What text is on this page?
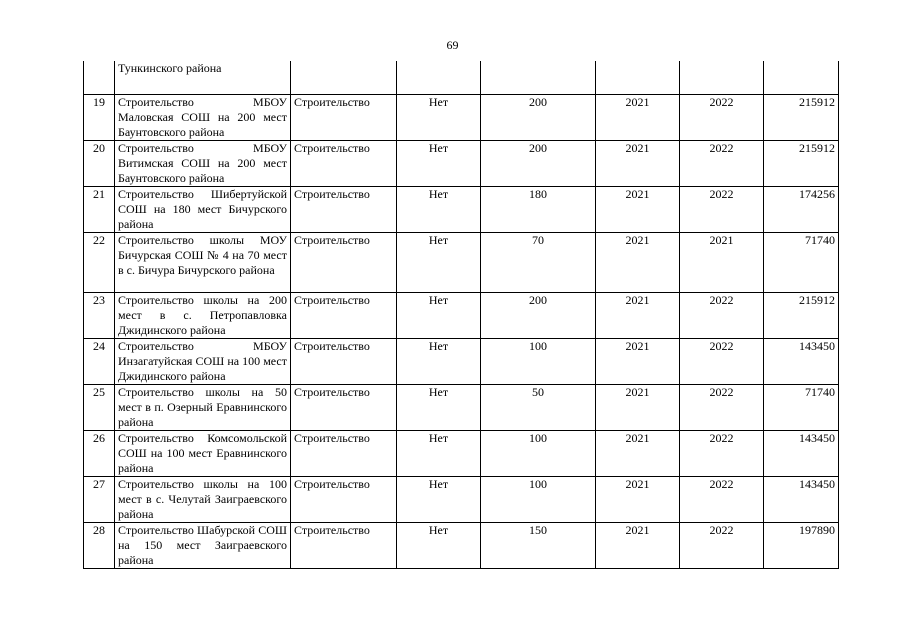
69
	Тункинского района						
19	Строительство МБОУ Маловская СОШ на 200 мест Баунтовского района	Строительство	Нет	200	2021	2022	215912
20	Строительство МБОУ Витимская СОШ на 200 мест Баунтовского района	Строительство	Нет	200	2021	2022	215912
21	Строительство Шибертуйской СОШ на 180 мест Бичурского района	Строительство	Нет	180	2021	2022	174256
22	Строительство школы МОУ Бичурская СОШ № 4 на 70 мест в с. Бичура Бичурского района	Строительство	Нет	70	2021	2021	71740
23	Строительство школы на 200 мест в с. Петропавловка Джидинского района	Строительство	Нет	200	2021	2022	215912
24	Строительство МБОУ Инзагатуйская СОШ на 100 мест Джидинского района	Строительство	Нет	100	2021	2022	143450
25	Строительство школы на 50 мест в п. Озерный Еравнинского района	Строительство	Нет	50	2021	2022	71740
26	Строительство Комсомольской СОШ на 100 мест Еравнинского района	Строительство	Нет	100	2021	2022	143450
27	Строительство школы на 100 мест в с. Челутай Заиграевского района	Строительство	Нет	100	2021	2022	143450
28	Строительство Шабурской СОШ на 150 мест Заиграевского района	Строительство	Нет	150	2021	2022	197890
